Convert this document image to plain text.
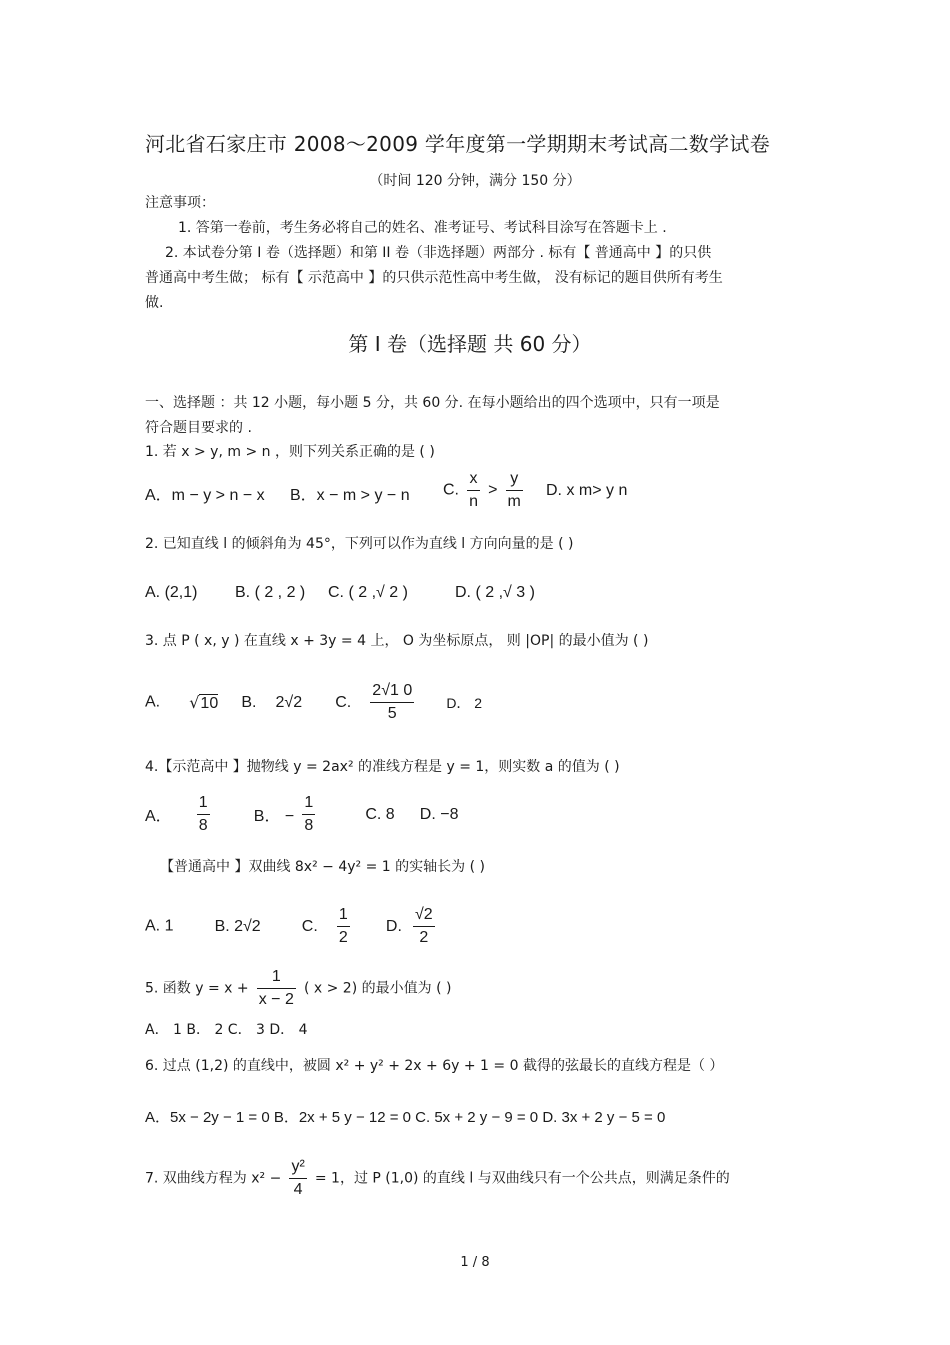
河北省石家庄市 2008～2009 学年度第一学期期末考试高二数学试卷
（时间 120 分钟，满分 150 分）
注意事项：
1. 答第一卷前，考生务必将自己的姓名、准考证号、考试科目涂写在答题卡上 .
2. 本试卷分第 I 卷（选择题）和第 II 卷（非选择题）两部分 . 标有【 普通高中 】的只供
普通高中考生做； 标有【 示范高中 】的只供示范性高中考生做， 没有标记的题目供所有考生
做.
第 I 卷（选择题 共 60 分）
一、选择题 ：共 12 小题，每小题 5 分，共 60 分. 在每小题给出的四个选项中，只有一项是
符合题目要求的 .
1. 若 x > y, m > n ，则下列关系正确的是 ( )
A．m − y > n − x B．x − m > y − n C. $\frac{x}{n} > \frac{y}{m} D$. x m> y n
2. 已知直线 l 的倾斜角为 45°，下列可以作为直线 l 方向向量的是 ( )
A. (2,1) B. ( 2 , 2 ) C. ( 2 ,√ 2 )	D. ( 2 ,√ 3 )
3. 点 P ( x, y ) 在直线 x + 3y = 4 上， O 为坐标原点， 则 |OP| 的最小值为 ( )
A. √10 B. 2√2 C. $\frac{2√1 0}{5}$ D． 2
4.【示范高中 】抛物线 y = 2ax² 的准线方程是 y = 1，则实数 a 的值为 ( )
A． $\frac{1}{8}$	B． − $\frac{1}{8}$	C. 8 D. −8
【普通高中 】双曲线 8x² − 4y² = 1 的实轴长为 ( )
A. 1	B. 2√2	C. $\frac{1}{2} D$. $\frac{√2}{2}$
5. 函数 $y = x + \frac{1}{x - 2}$ ( x > 2) 的最小值为 ( )
A． 1 B． 2 C． 3 D． 4
6. 过点 (1,2) 的直线中，被圆 x² + y² + 2x + 6y + 1 = 0 截得的弦最长的直线方程是（ ）
A．5x − 2y − 1 = 0 B．2x + 5 y − 12 = 0 C. 5x + 2 y − 9 = 0 D. 3x + 2 y − 5 = 0
7. 双曲线方程为 $x^2 - \frac{\text{y²}}{4} = 1$，过 P (1,0) 的直线 l 与双曲线只有一个公共点，则满足条件的
1 / 8
